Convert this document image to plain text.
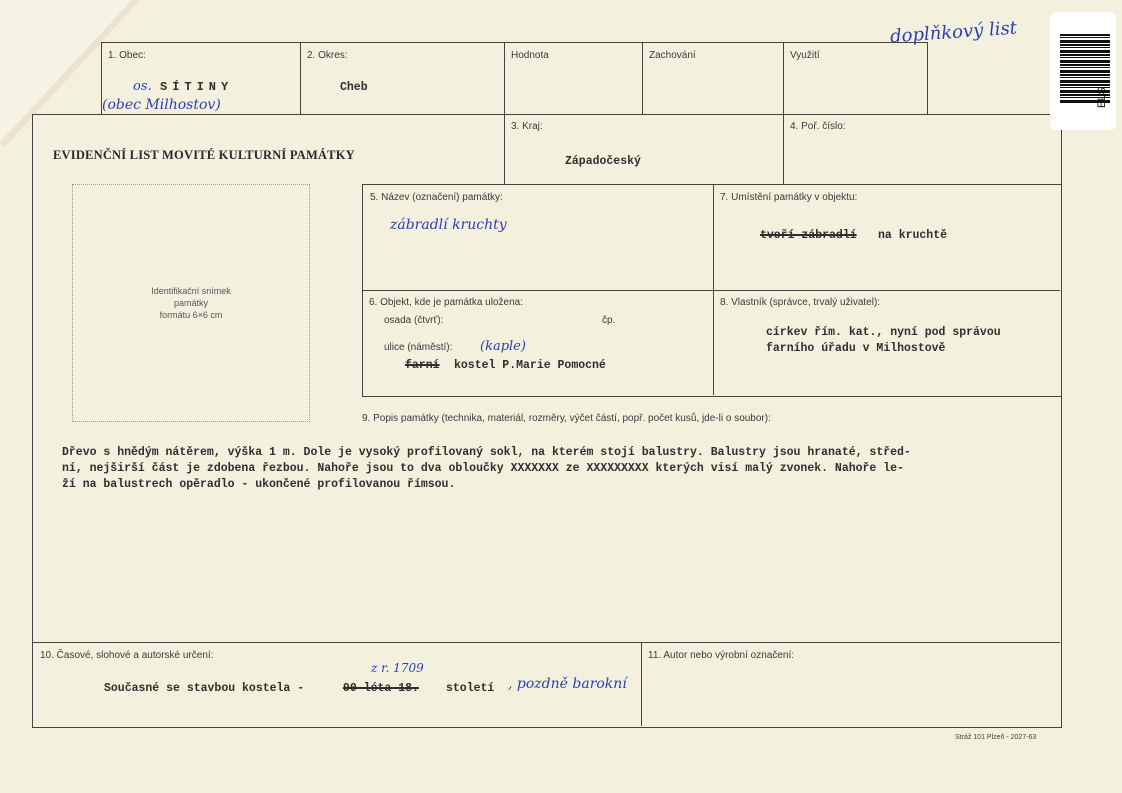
1. Obec:
os. SÍTINY
(obec Milhostov)
2. Okres:
Cheb
Hodnota	Zachování	Využití
doplňkový list
ELS
EVIDENČNÍ LIST MOVITÉ KULTURNÍ PAMÁTKY
3. Kraj:
Západočeský
4. Poř. číslo:
Identifikační snímek
památky
formátu 6×6 cm
5. Název (označení) památky:
zábradlí kruchty
7. Umístění památky v objektu:
tvoří zábradlí na kruchtě
6. Objekt, kde je památka uložena:
osada (čtvrť):	čp.
ulice (náměstí): (kaple)
farní kostel P.Marie Pomocné
8. Vlastník (správce, trvalý uživatel):
církev řím. kat., nyní pod správou
farního úřadu v Milhostově
9. Popis památky (technika, materiál, rozměry, výčet částí, popř. počet kusů, jde-li o soubor):
Dřevo s hnědým nátěrem, výška 1 m. Dole je vysoký profilovaný sokl, na kterém stojí balustry. Balustry jsou hranaté, střed-
ní, nejširší část je zdobena řezbou. Nahoře jsou to dva obloučky XXXXXXX ze XXXXXXXXX kterých visí malý zvonek. Nahoře le-
ží na balustrech opěradlo - ukončené profilovanou římsou.
10. Časové, slohové a autorské určení:
z r. 1709
Současné se stavbou kostela -	90 léta 18. století , pozdně barokní
11. Autor nebo výrobní označení:
Stráž 101 Plzeň - 2027-63
